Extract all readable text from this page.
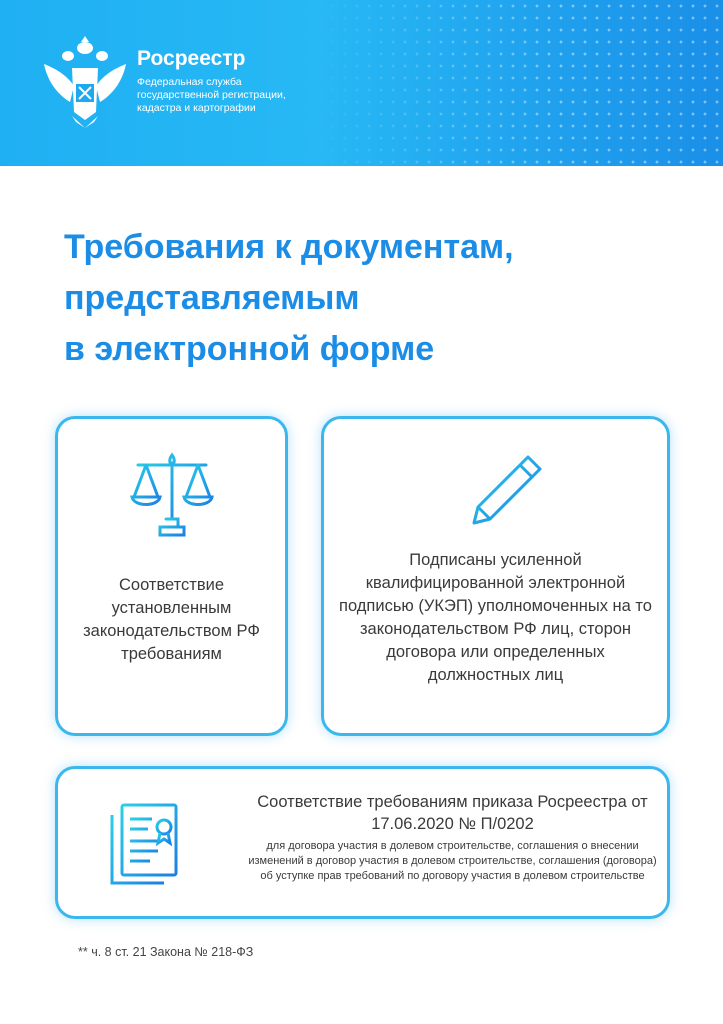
Росреестр
Федеральная служба
государственной регистрации,
кадастра и картографии
Требования к документам,
представляемым
в электронной форме
Соответствие установленным законодательством РФ требованиям
Подписаны усиленной квалифицированной электронной подписью (УКЭП) уполномоченных на то законодательством РФ лиц, сторон договора или определенных должностных лиц
Соответствие требованиям приказа Росреестра от 17.06.2020 № П/0202
для договора участия в долевом строительстве, соглашения о внесении изменений в договор участия в долевом строительстве, соглашения (договора) об уступке прав требований по договору участия в долевом строительстве
** ч. 8 ст. 21 Закона № 218-ФЗ
